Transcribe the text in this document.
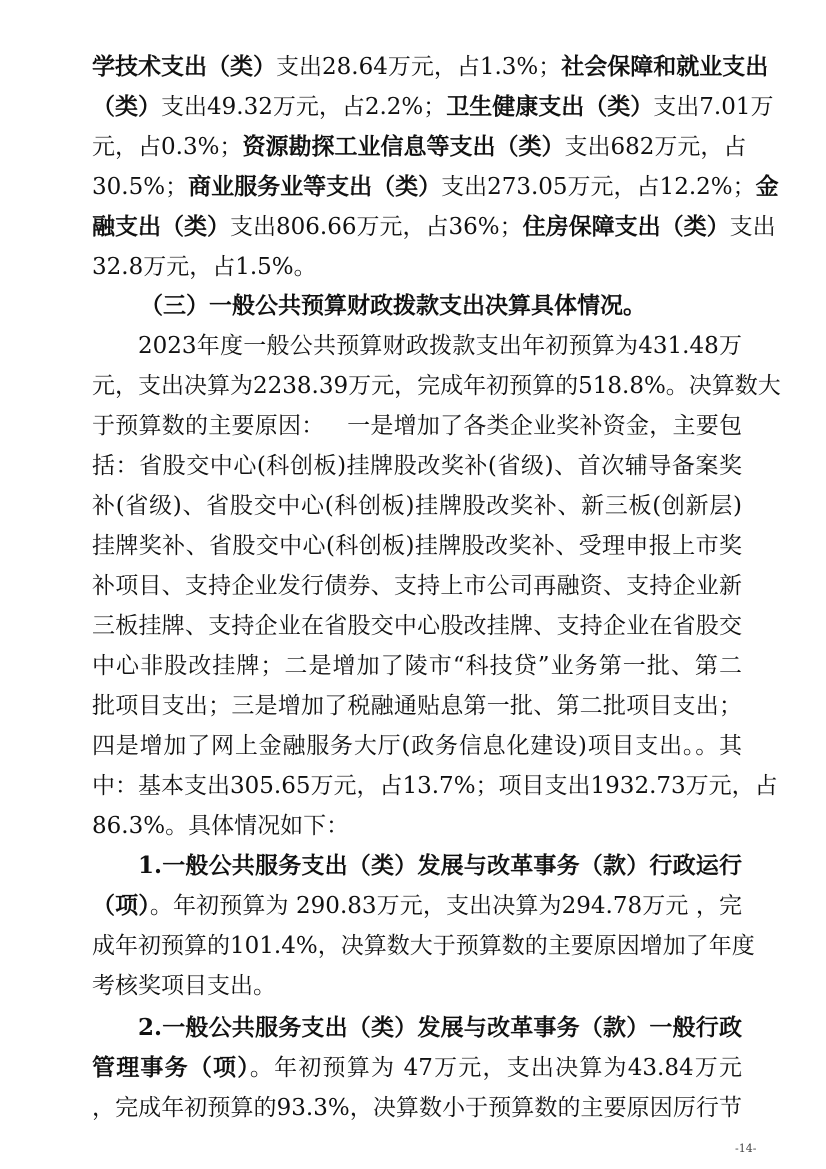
学技术支出（类）支出28.64万元，占1.3%；社会保障和就业支出
（类）支出49.32万元，占2.2%；卫生健康支出（类）支出7.01万
元，占0.3%；资源勘探工业信息等支出（类）支出682万元，占
30.5%；商业服务业等支出（类）支出273.05万元，占12.2%；金
融支出（类）支出806.66万元，占36%；住房保障支出（类）支出
32.8万元，占1.5%。
（三）一般公共预算财政拨款支出决算具体情况。
2023年度一般公共预算财政拨款支出年初预算为431.48万
元，支出决算为2238.39万元，完成年初预算的518.8%。决算数大
于预算数的主要原因：   一是增加了各类企业奖补资金，主要包
括：省股交中心(科创板)挂牌股改奖补(省级)、首次辅导备案奖
补(省级)、省股交中心(科创板)挂牌股改奖补、新三板(创新层)
挂牌奖补、省股交中心(科创板)挂牌股改奖补、受理申报上市奖
补项目、支持企业发行债券、支持上市公司再融资、支持企业新
三板挂牌、支持企业在省股交中心股改挂牌、支持企业在省股交
中心非股改挂牌；二是增加了陵市“科技贷”业务第一批、第二
批项目支出；三是增加了税融通贴息第一批、第二批项目支出；
四是增加了网上金融服务大厅(政务信息化建设)项目支出。。其
中：基本支出305.65万元，占13.7%；项目支出1932.73万元，占
86.3%。具体情况如下：
1.一般公共服务支出（类）发展与改革事务（款）行政运行
（项）。年初预算为 290.83万元，支出决算为294.78万元 ，完
成年初预算的101.4%，决算数大于预算数的主要原因增加了年度
考核奖项目支出。
2.一般公共服务支出（类）发展与改革事务（款）一般行政
管理事务（项）。年初预算为 47万元，支出决算为43.84万元
，完成年初预算的93.3%，决算数小于预算数的主要原因厉行节
-14-
